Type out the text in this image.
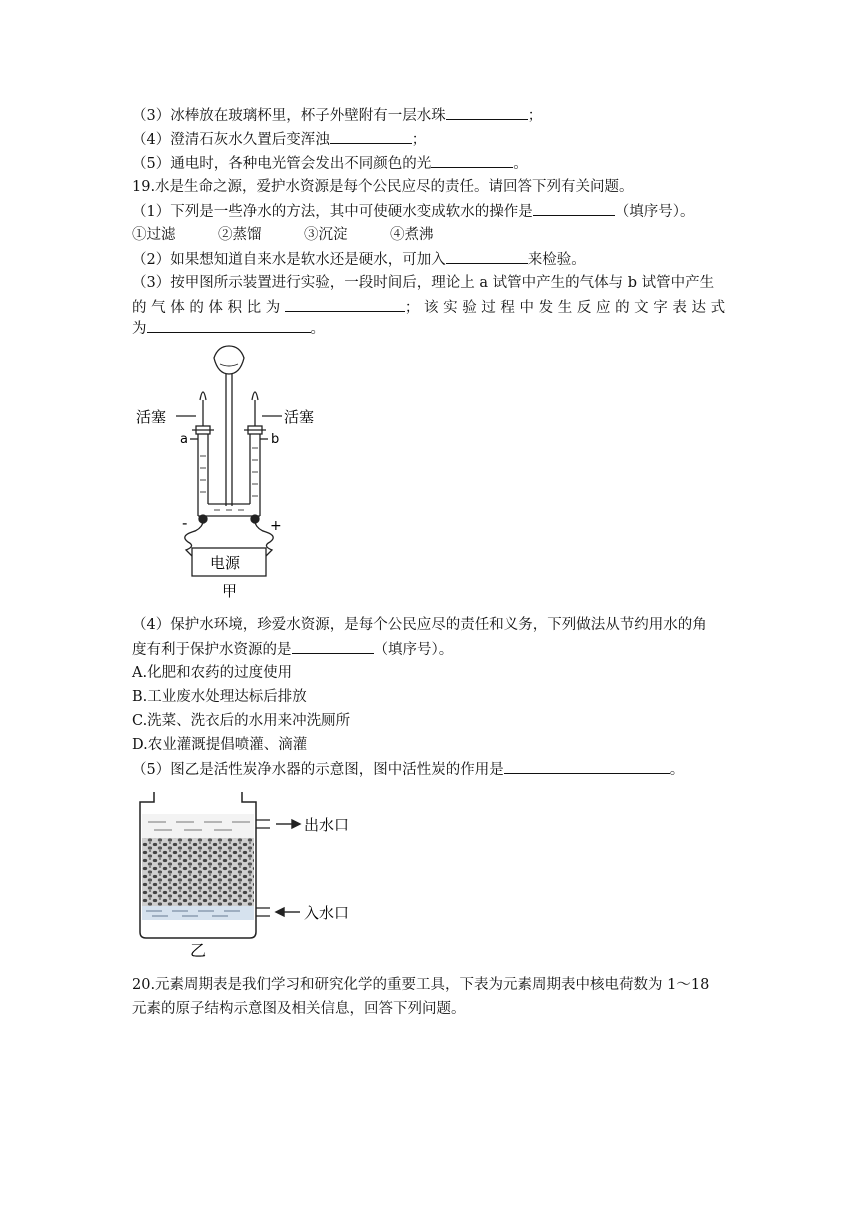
（3）冰棒放在玻璃杯里，杯子外壁附有一层水珠	；
（4）澄清石灰水久置后变浑浊	；
（5）通电时，各种电光管会发出不同颜色的光	。
19.水是生命之源，爱护水资源是每个公民应尽的责任。请回答下列有关问题。
（1）下列是一些净水的方法，其中可使硬水变成软水的操作是	（填序号）。
①过滤	②蒸馏	③沉淀	④煮沸
（2）如果想知道自来水是软水还是硬水，可加入	来检验。
（3）按甲图所示装置进行实验，一段时间后，理论上 a 试管中产生的气体与 b 试管中产生
的 气 体 的 体 积 比 为	； 该 实 验 过 程 中 发 生 反 应 的 文 字 表 达 式
为	。
活塞	活塞
a	b
-	+
电源
甲
（4）保护水环境，珍爱水资源，是每个公民应尽的责任和义务，下列做法从节约用水的角
度有利于保护水资源的是	（填序号）。
A.化肥和农药的过度使用
B.工业废水处理达标后排放
C.洗菜、洗衣后的水用来冲洗厕所
D.农业灌溉提倡喷灌、滴灌
（5）图乙是活性炭净水器的示意图，图中活性炭的作用是	。
出水口
入水口
乙
20.元素周期表是我们学习和研究化学的重要工具，下表为元素周期表中核电荷数为 1～18
元素的原子结构示意图及相关信息，回答下列问题。
